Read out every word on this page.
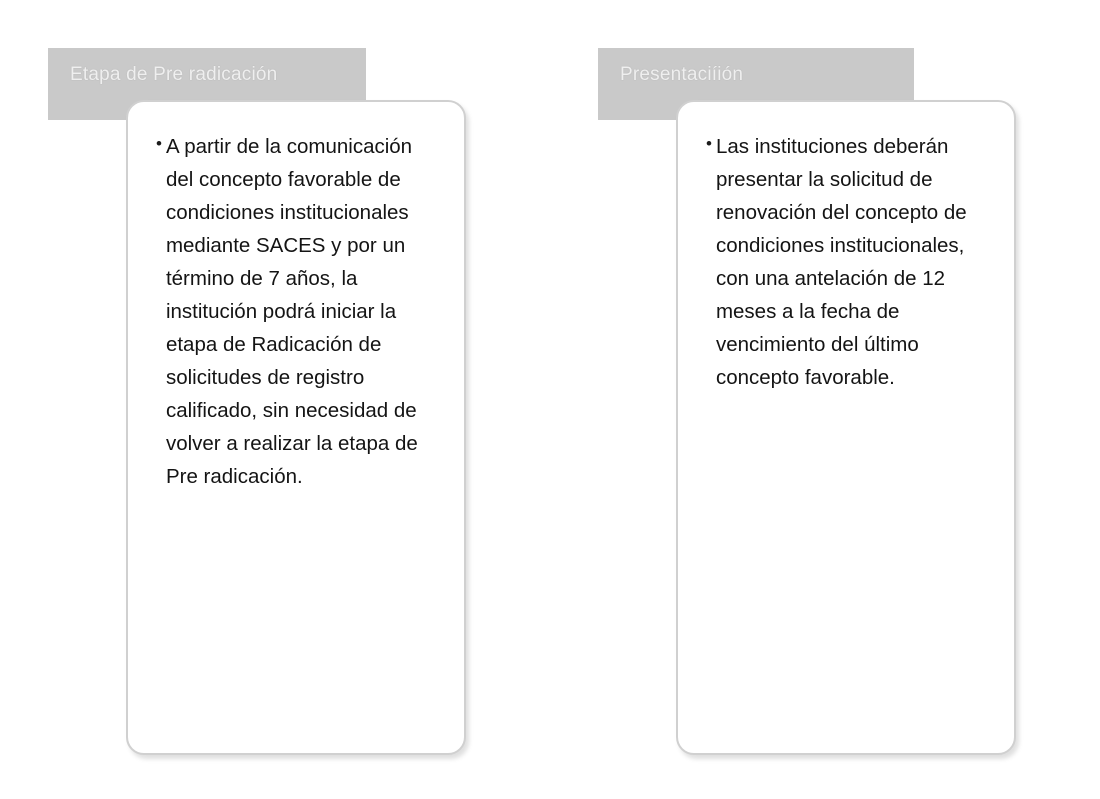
Etapa de Pre radicación
• A partir de la comunicación del concepto favorable de condiciones institucionales mediante SACES y por un término de 7 años, la institución podrá iniciar la etapa de Radicación de solicitudes de registro calificado, sin necesidad de volver a realizar la etapa de Pre radicación.
Presentaciíión
• Las instituciones deberán presentar la solicitud de renovación del concepto de condiciones institucionales, con una antelación de 12 meses a la fecha de vencimiento del último concepto favorable.
